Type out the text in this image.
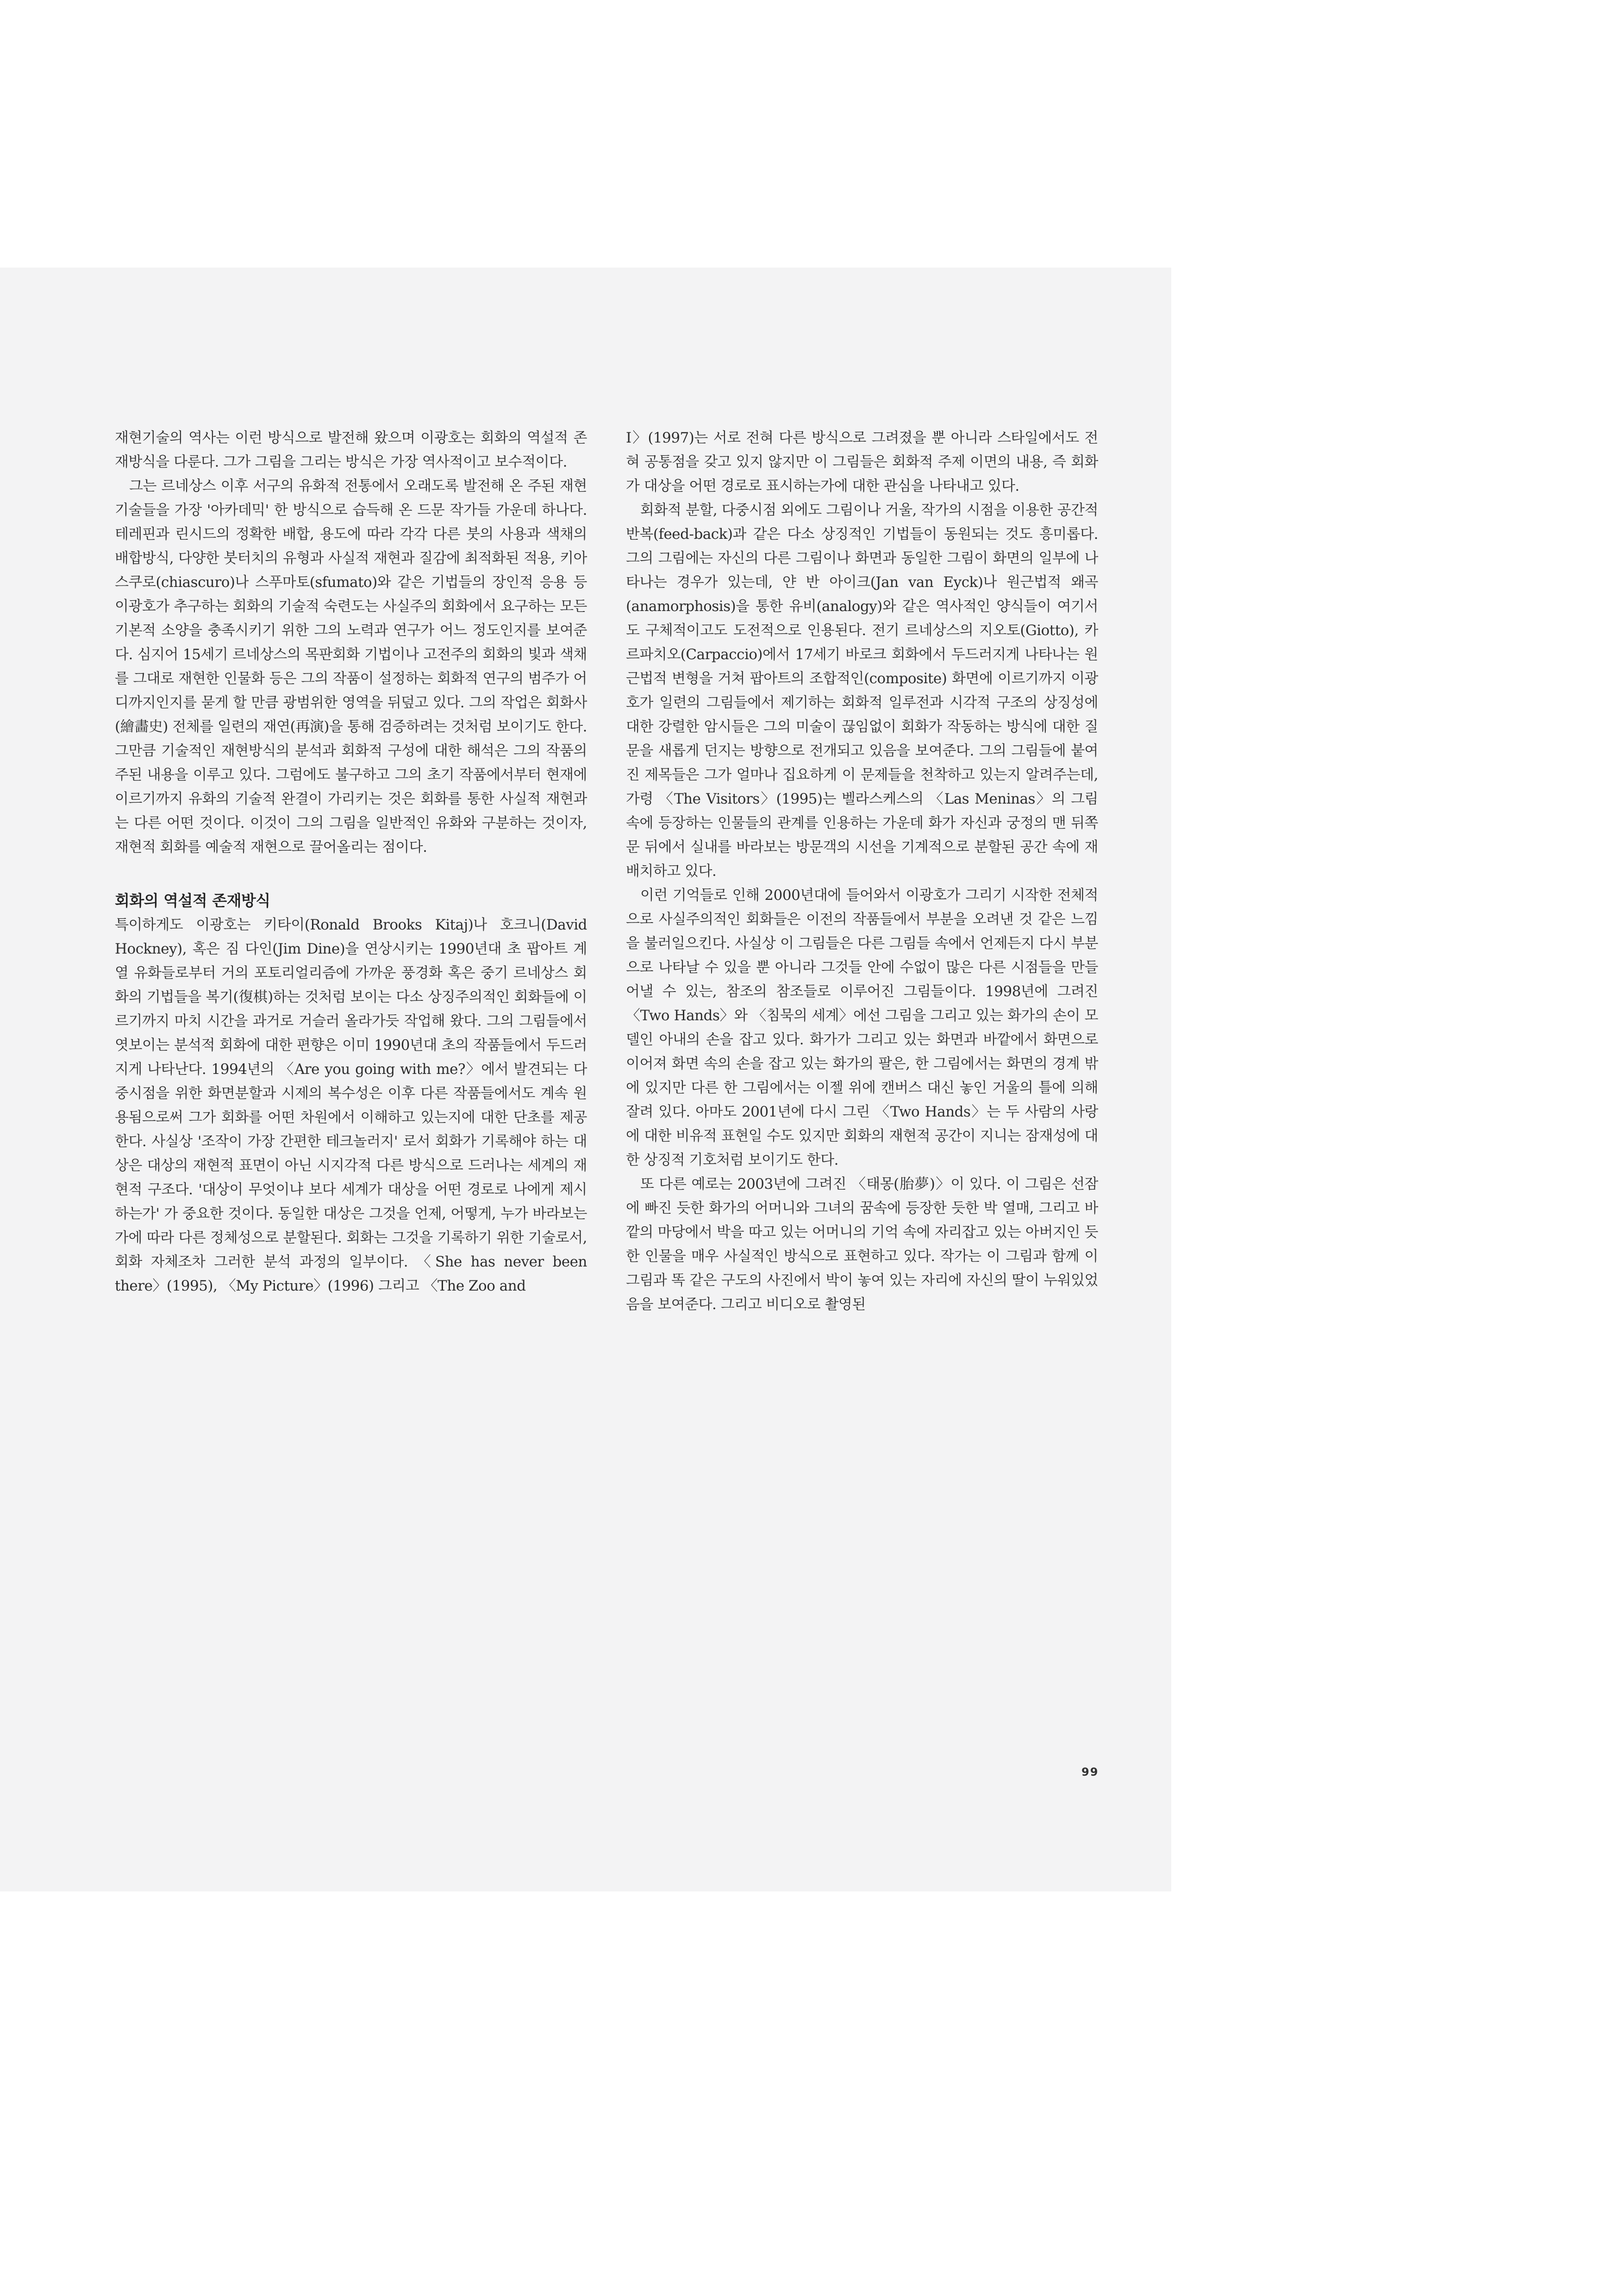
재현기술의 역사는 이런 방식으로 발전해 왔으며 이광호는 회화의 역설적 존재방식을 다룬다. 그가 그림을 그리는 방식은 가장 역사적이고 보수적이다.

그는 르네상스 이후 서구의 유화적 전통에서 오래도록 발전해 온 주된 재현 기술들을 가장 '아카데믹' 한 방식으로 습득해 온 드문 작가들 가운데 하나다. 테레핀과 린시드의 정확한 배합, 용도에 따라 각각 다른 붓의 사용과 색채의 배합방식, 다양한 붓터치의 유형과 사실적 재현과 질감에 최적화된 적용, 키아스쿠로(chiascuro)나 스푸마토(sfumato)와 같은 기법들의 장인적 응용 등 이광호가 추구하는 회화의 기술적 숙련도는 사실주의 회화에서 요구하는 모든 기본적 소양을 충족시키기 위한 그의 노력과 연구가 어느 정도인지를 보여준다. 심지어 15세기 르네상스의 목판회화 기법이나 고전주의 회화의 빛과 색채를 그대로 재현한 인물화 등은 그의 작품이 설정하는 회화적 연구의 범주가 어디까지인지를 묻게 할 만큼 광범위한 영역을 뒤덮고 있다. 그의 작업은 회화사(繪畵史) 전체를 일련의 재연(再演)을 통해 검증하려는 것처럼 보이기도 한다. 그만큼 기술적인 재현방식의 분석과 회화적 구성에 대한 해석은 그의 작품의 주된 내용을 이루고 있다. 그럼에도 불구하고 그의 초기 작품에서부터 현재에 이르기까지 유화의 기술적 완결이 가리키는 것은 회화를 통한 사실적 재현과는 다른 어떤 것이다. 이것이 그의 그림을 일반적인 유화와 구분하는 것이자, 재현적 회화를 예술적 재현으로 끌어올리는 점이다.

회화의 역설적 존재방식

특이하게도 이광호는 키타이(Ronald Brooks Kitaj)나 호크니(David Hockney), 혹은 짐 다인(Jim Dine)을 연상시키는 1990년대 초 팝아트 계열 유화들로부터 거의 포토리얼리즘에 가까운 풍경화 혹은 중기 르네상스 회화의 기법들을 복기(復棋)하는 것처럼 보이는 다소 상징주의적인 회화들에 이르기까지 마치 시간을 과거로 거슬러 올라가듯 작업해 왔다. 그의 그림들에서 엿보이는 분석적 회화에 대한 편향은 이미 1990년대 초의 작품들에서 두드러지게 나타난다. 1994년의 〈Are you going with me?〉에서 발견되는 다중시점을 위한 화면분할과 시제의 복수성은 이후 다른 작품들에서도 계속 원용됨으로써 그가 회화를 어떤 차원에서 이해하고 있는지에 대한 단초를 제공한다. 사실상 '조작이 가장 간편한 테크놀러지' 로서 회화가 기록해야 하는 대상은 대상의 재현적 표면이 아닌 시지각적 다른 방식으로 드러나는 세계의 재현적 구조다. '대상이 무엇이냐 보다 세계가 대상을 어떤 경로로 나에게 제시하는가' 가 중요한 것이다. 동일한 대상은 그것을 언제, 어떻게, 누가 바라보는가에 따라 다른 정체성으로 분할된다. 회화는 그것을 기록하기 위한 기술로서, 회화 자체조차 그러한 분석 과정의 일부이다. 〈She has never been there〉(1995), 〈My Picture〉(1996) 그리고 〈The Zoo and

I〉(1997)는 서로 전혀 다른 방식으로 그려졌을 뿐 아니라 스타일에서도 전혀 공통점을 갖고 있지 않지만 이 그림들은 회화적 주제 이면의 내용, 즉 회화가 대상을 어떤 경로로 표시하는가에 대한 관심을 나타내고 있다.

회화적 분할, 다중시점 외에도 그림이나 거울, 작가의 시점을 이용한 공간적 반복(feed-back)과 같은 다소 상징적인 기법들이 동원되는 것도 흥미롭다. 그의 그림에는 자신의 다른 그림이나 화면과 동일한 그림이 화면의 일부에 나타나는 경우가 있는데, 얀 반 아이크(Jan van Eyck)나 원근법적 왜곡(anamorphosis)을 통한 유비(analogy)와 같은 역사적인 양식들이 여기서도 구체적이고도 도전적으로 인용된다. 전기 르네상스의 지오토(Giotto), 카르파치오(Carpaccio)에서 17세기 바로크 회화에서 두드러지게 나타나는 원근법적 변형을 거쳐 팝아트의 조합적인(composite) 화면에 이르기까지 이광호가 일련의 그림들에서 제기하는 회화적 일루전과 시각적 구조의 상징성에 대한 강렬한 암시들은 그의 미술이 끊임없이 회화가 작동하는 방식에 대한 질문을 새롭게 던지는 방향으로 전개되고 있음을 보여준다. 그의 그림들에 붙여진 제목들은 그가 얼마나 집요하게 이 문제들을 천착하고 있는지 알려주는데, 가령 〈The Visitors〉(1995)는 벨라스케스의 〈Las Meninas〉의 그림 속에 등장하는 인물들의 관계를 인용하는 가운데 화가 자신과 궁정의 맨 뒤쪽 문 뒤에서 실내를 바라보는 방문객의 시선을 기계적으로 분할된 공간 속에 재배치하고 있다.

이런 기억들로 인해 2000년대에 들어와서 이광호가 그리기 시작한 전체적으로 사실주의적인 회화들은 이전의 작품들에서 부분을 오려낸 것 같은 느낌을 불러일으킨다. 사실상 이 그림들은 다른 그림들 속에서 언제든지 다시 부분으로 나타날 수 있을 뿐 아니라 그것들 안에 수없이 많은 다른 시점들을 만들어낼 수 있는, 참조의 참조들로 이루어진 그림들이다. 1998년에 그려진 〈Two Hands〉와 〈침묵의 세계〉에선 그림을 그리고 있는 화가의 손이 모델인 아내의 손을 잡고 있다. 화가가 그리고 있는 화면과 바깥에서 화면으로 이어져 화면 속의 손을 잡고 있는 화가의 팔은, 한 그림에서는 화면의 경계 밖에 있지만 다른 한 그림에서는 이젤 위에 캔버스 대신 놓인 거울의 틀에 의해 잘려 있다. 아마도 2001년에 다시 그린 〈Two Hands〉는 두 사람의 사랑에 대한 비유적 표현일 수도 있지만 회화의 재현적 공간이 지니는 잠재성에 대한 상징적 기호처럼 보이기도 한다.

또 다른 예로는 2003년에 그려진 〈태몽(胎夢)〉이 있다. 이 그림은 선잠에 빠진 듯한 화가의 어머니와 그녀의 꿈속에 등장한 듯한 박 열매, 그리고 바깥의 마당에서 박을 따고 있는 어머니의 기억 속에 자리잡고 있는 아버지인 듯한 인물을 매우 사실적인 방식으로 표현하고 있다. 작가는 이 그림과 함께 이 그림과 똑 같은 구도의 사진에서 박이 놓여 있는 자리에 자신의 딸이 누워있었음을 보여준다. 그리고 비디오로 촬영된

99
